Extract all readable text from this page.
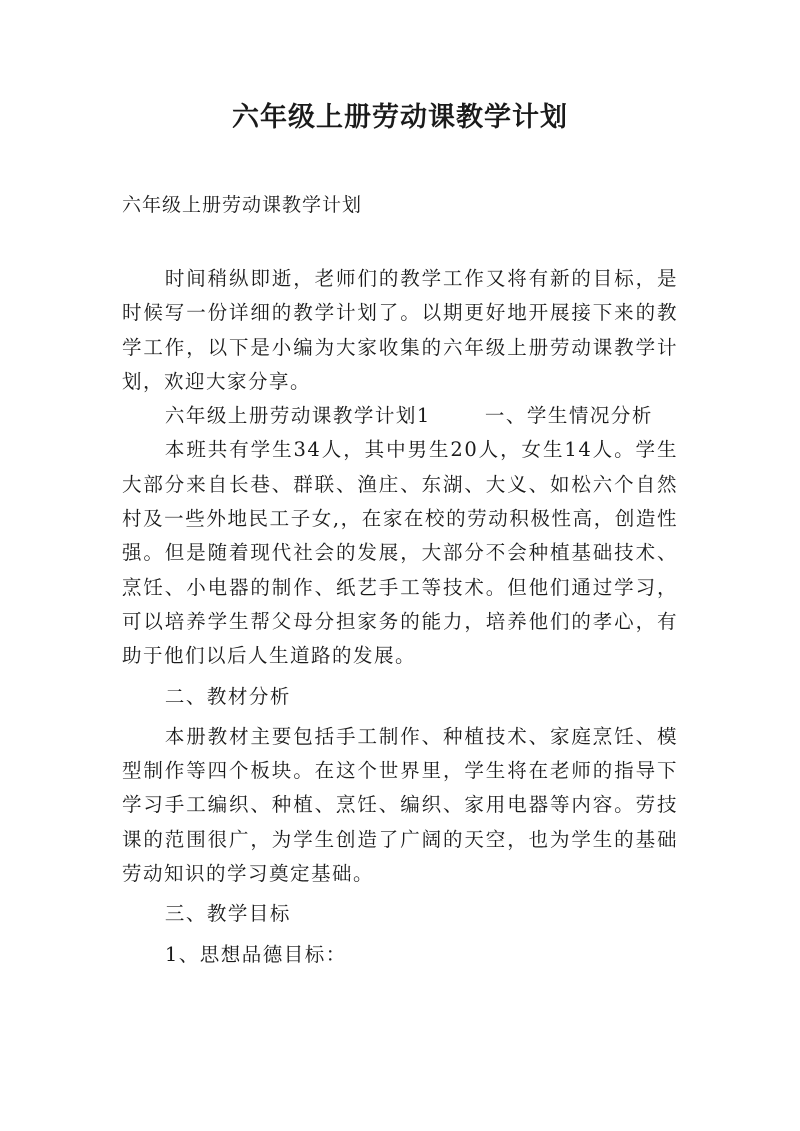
六年级上册劳动课教学计划
六年级上册劳动课教学计划

时间稍纵即逝，老师们的教学工作又将有新的目标，是时候写一份详细的教学计划了。以期更好地开展接下来的教学工作，以下是小编为大家收集的六年级上册劳动课教学计划，欢迎大家分享。

六年级上册劳动课教学计划1	一、学生情况分析

本班共有学生34人，其中男生20人，女生14人。学生大部分来自长巷、群联、渔庄、东湖、大义、如松六个自然村及一些外地民工子女,，在家在校的劳动积极性高，创造性强。但是随着现代社会的发展，大部分不会种植基础技术、烹饪、小电器的制作、纸艺手工等技术。但他们通过学习，可以培养学生帮父母分担家务的能力，培养他们的孝心，有助于他们以后人生道路的发展。

二、教材分析

本册教材主要包括手工制作、种植技术、家庭烹饪、模型制作等四个板块。在这个世界里，学生将在老师的指导下学习手工编织、种植、烹饪、编织、家用电器等内容。劳技课的范围很广，为学生创造了广阔的天空，也为学生的基础劳动知识的学习奠定基础。

三、教学目标

1、思想品德目标：
